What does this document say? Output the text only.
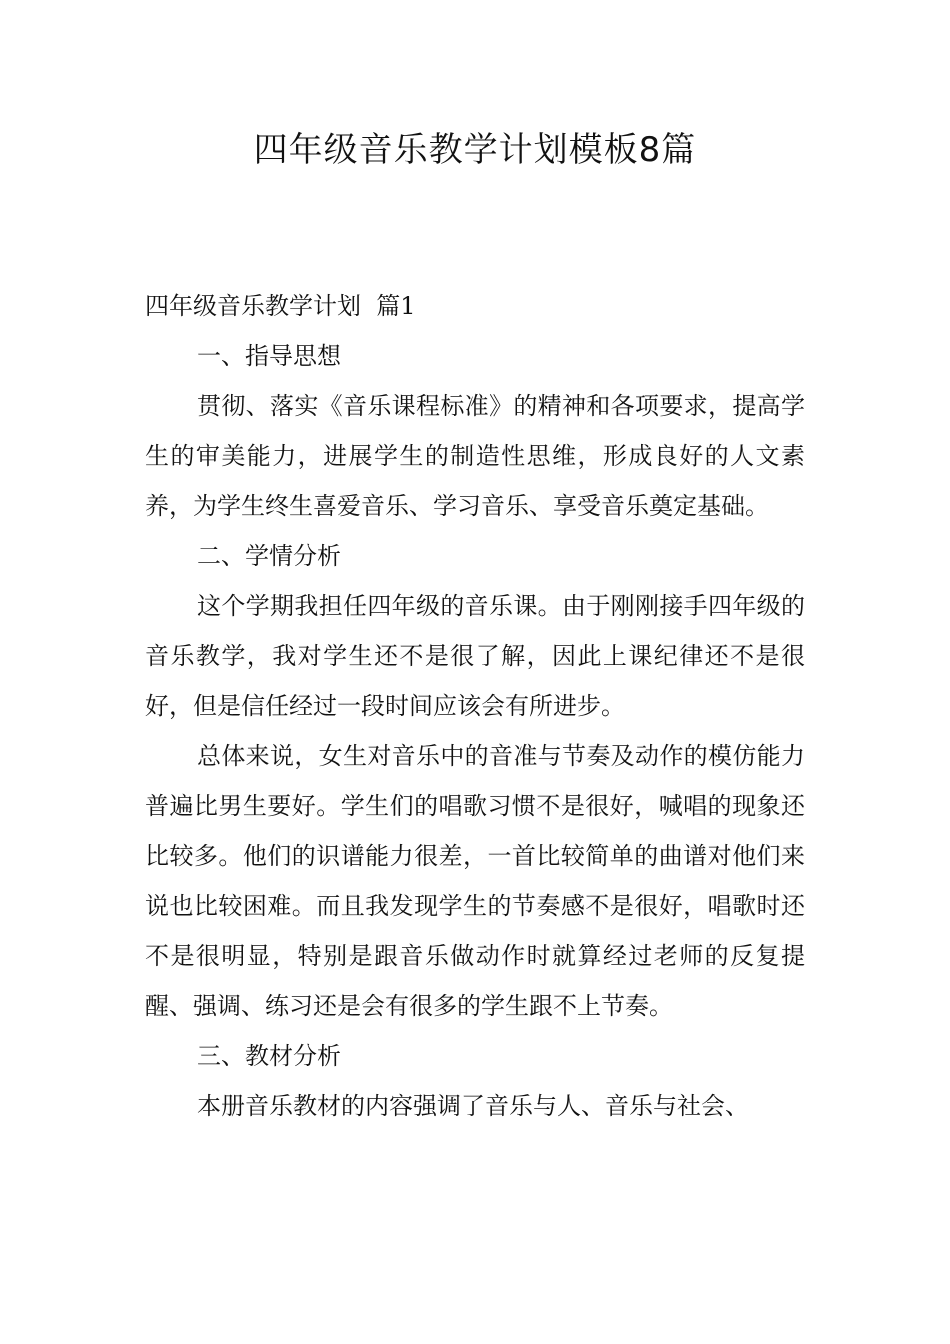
四年级音乐教学计划模板8篇

四年级音乐教学计划  篇1

一、指导思想

贯彻、落实《音乐课程标准》的精神和各项要求，提高学生的审美能力，进展学生的制造性思维，形成良好的人文素养，为学生终生喜爱音乐、学习音乐、享受音乐奠定基础。

二、学情分析

这个学期我担任四年级的音乐课。由于刚刚接手四年级的音乐教学，我对学生还不是很了解，因此上课纪律还不是很好，但是信任经过一段时间应该会有所进步。

总体来说，女生对音乐中的音准与节奏及动作的模仿能力普遍比男生要好。学生们的唱歌习惯不是很好，喊唱的现象还比较多。他们的识谱能力很差，一首比较简单的曲谱对他们来说也比较困难。而且我发现学生的节奏感不是很好，唱歌时还不是很明显，特别是跟音乐做动作时就算经过老师的反复提醒、强调、练习还是会有很多的学生跟不上节奏。

三、教材分析

本册音乐教材的内容强调了音乐与人、音乐与社会、
